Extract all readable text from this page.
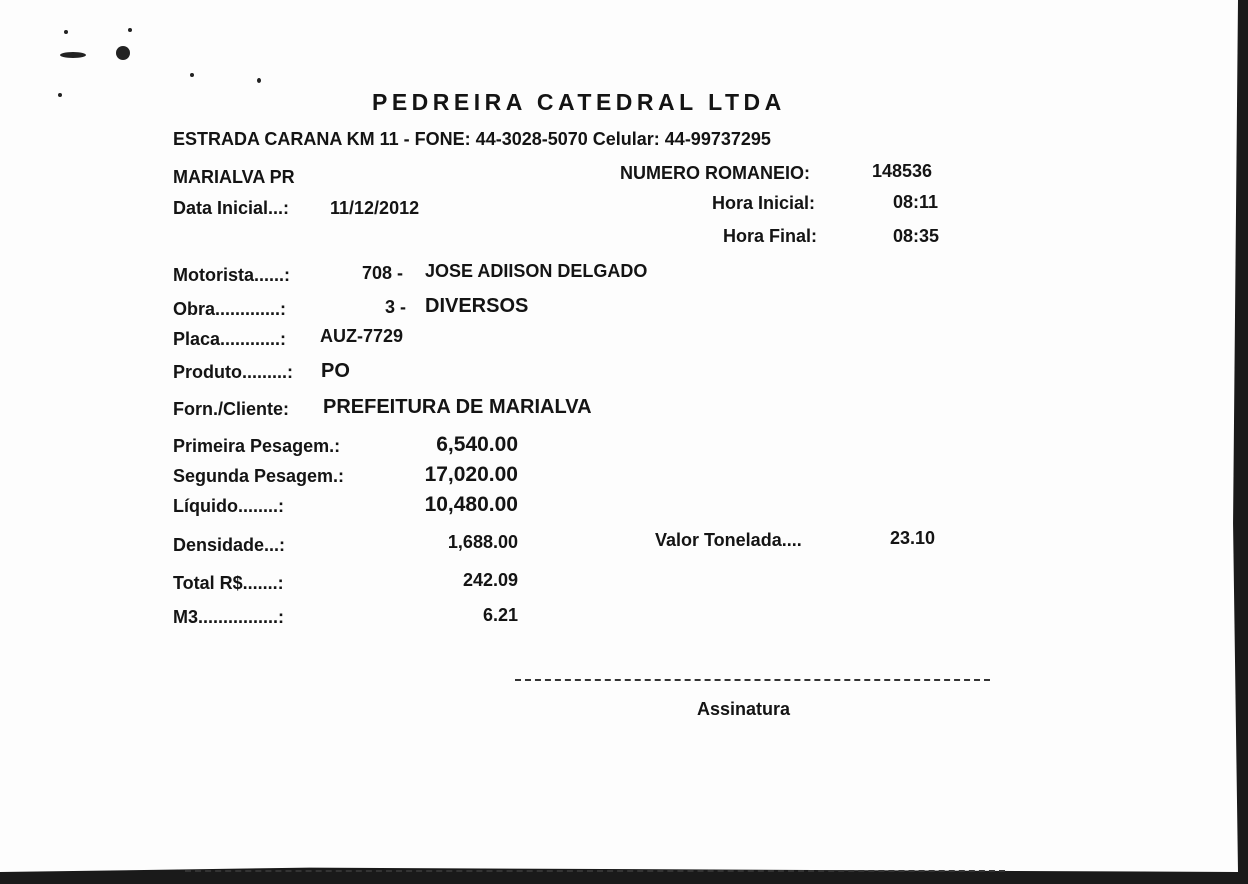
PEDREIRA CATEDRAL LTDA
ESTRADA CARANA KM 11 - FONE: 44-3028-5070 Celular: 44-99737295
MARIALVA PR	NUMERO ROMANEIO:	148536
Data Inicial...: 11/12/2012	Hora Inicial:	08:11
Hora Final:	08:35
Motorista......:	708 - JOSE ADIISON DELGADO
Obra.............:	3 - DIVERSOS
Placa............: AUZ-7729
Produto.........: PO
Forn./Cliente: PREFEITURA DE MARIALVA
Primeira Pesagem.:	6,540.00
Segunda Pesagem.:	17,020.00
Líquido........:	10,480.00
Densidade...:	1,688.00	Valor Tonelada....	23.10
Total R$.......:	242.09
M3................:	6.21
Assinatura
